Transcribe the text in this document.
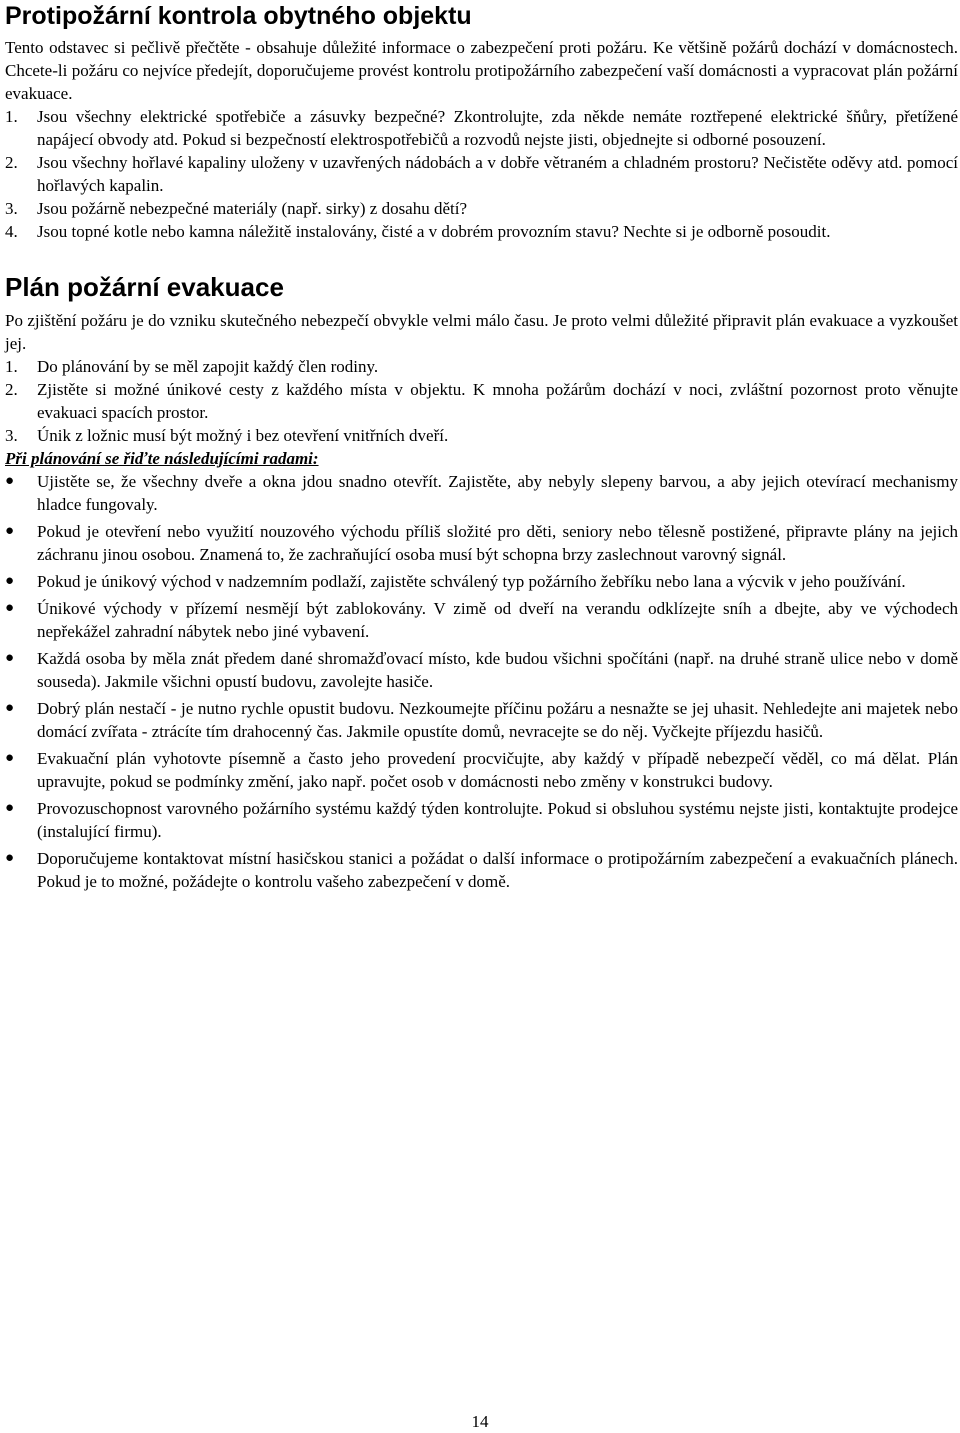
Protipožární kontrola obytného objektu

Tento odstavec si pečlivě přečtěte - obsahuje důležité informace o zabezpečení proti požáru. Ke většině požárů dochází v domácnostech. Chcete-li požáru co nejvíce předejít, doporučujeme provést kontrolu protipožárního zabezpečení vaší domácnosti a vypracovat plán požární evakuace.

1.	Jsou všechny elektrické spotřebiče a zásuvky bezpečné? Zkontrolujte, zda někde nemáte roztřepené elektrické šňůry, přetížené napájecí obvody atd. Pokud si bezpečností elektrospotřebičů a rozvodů nejste jisti, objednejte si odborné posouzení.
2.	Jsou všechny hořlavé kapaliny uloženy v uzavřených nádobách a v dobře větraném a chladném prostoru? Nečistěte oděvy atd. pomocí hořlavých kapalin.
3.	Jsou požárně nebezpečné materiály (např. sirky) z dosahu dětí?
4.	Jsou topné kotle nebo kamna náležitě instalovány, čisté a v dobrém provozním stavu? Nechte si je odborně posoudit.
Plán požární evakuace

Po zjištění požáru je do vzniku skutečného nebezpečí obvykle velmi málo času. Je proto velmi důležité připravit plán evakuace a vyzkoušet jej.

1.	Do plánování by se měl zapojit každý člen rodiny.
2.	Zjistěte si možné únikové cesty z každého místa v objektu. K mnoha požárům dochází v noci, zvláštní pozornost proto věnujte evakuaci spacích prostor.
3.	Únik z ložnic musí být možný i bez otevření vnitřních dveří.

Při plánování se řiďte následujícími radami:

●	Ujistěte se, že všechny dveře a okna jdou snadno otevřít. Zajistěte, aby nebyly slepeny barvou, a aby jejich otevírací mechanismy hladce fungovaly.
●	Pokud je otevření nebo využití nouzového východu příliš složité pro děti, seniory nebo tělesně postižené, připravte plány na jejich záchranu jinou osobou. Znamená to, že zachraňující osoba musí být schopna brzy zaslechnout varovný signál.
●	Pokud je únikový východ v nadzemním podlaží, zajistěte schválený typ požárního žebříku nebo lana a výcvik v jeho používání.
●	Únikové východy v přízemí nesmějí být zablokovány. V zimě od dveří na verandu odklízejte sníh a dbejte, aby ve východech nepřekážel zahradní nábytek nebo jiné vybavení.
●	Každá osoba by měla znát předem dané shromažďovací místo, kde budou všichni spočítáni (např. na druhé straně ulice nebo v domě souseda). Jakmile všichni opustí budovu, zavolejte hasiče.
●	Dobrý plán nestačí - je nutno rychle opustit budovu. Nezkoumejte příčinu požáru a nesnažte se jej uhasit. Nehledejte ani majetek nebo domácí zvířata - ztrácíte tím drahocenný čas. Jakmile opustíte domů, nevracejte se do něj. Vyčkejte příjezdu hasičů.
●	Evakuační plán vyhotovte písemně a často jeho provedení procvičujte, aby každý v případě nebezpečí věděl, co má dělat. Plán upravujte, pokud se podmínky změní, jako např. počet osob v domácnosti nebo změny v konstrukci budovy.
●	Provozuschopnost varovného požárního systému každý týden kontrolujte. Pokud si obsluhou systému nejste jisti, kontaktujte prodejce (instalující firmu).
●	Doporučujeme kontaktovat místní hasičskou stanici a požádat o další informace o protipožárním zabezpečení a evakuačních plánech. Pokud je to možné, požádejte o kontrolu vašeho zabezpečení v domě.
14
